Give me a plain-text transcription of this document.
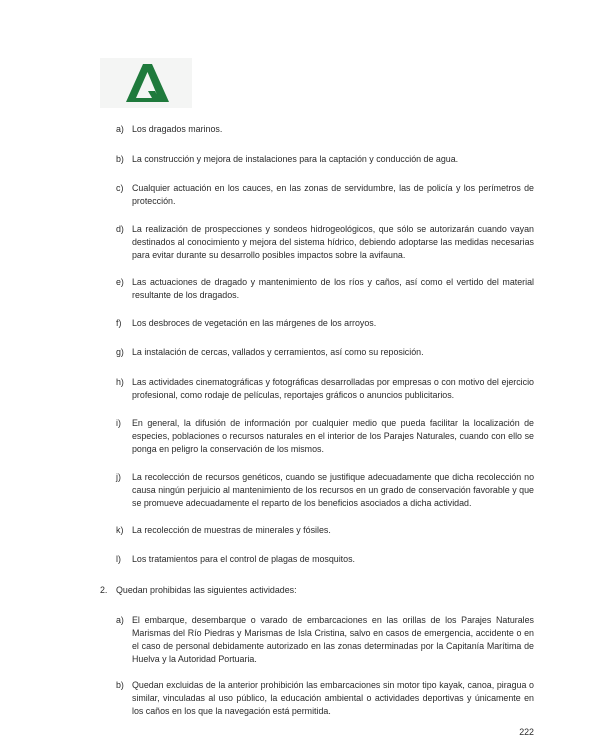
a) Los dragados marinos.
b) La construcción y mejora de instalaciones para la captación y conducción de agua.
c) Cualquier actuación en los cauces, en las zonas de servidumbre, las de policía y los perímetros de protección.
d) La realización de prospecciones y sondeos hidrogeológicos, que sólo se autorizarán cuando vayan destinados al conocimiento y mejora del sistema hídrico, debiendo adoptarse las medidas necesarias para evitar durante su desarrollo posibles impactos sobre la avifauna.
e) Las actuaciones de dragado y mantenimiento de los ríos y caños, así como el vertido del material resultante de los dragados.
f)	Los desbroces de vegetación en las márgenes de los arroyos.
g) La instalación de cercas, vallados y cerramientos, así como su reposición.
h) Las actividades cinematográficas y fotográficas desarrolladas por empresas o con motivo del ejercicio profesional, como rodaje de películas, reportajes gráficos o anuncios publicitarios.
i)	En general, la difusión de información por cualquier medio que pueda facilitar la localización de especies, poblaciones o recursos naturales en el interior de los Parajes Naturales, cuando con ello se ponga en peligro la conservación de los mismos.
j)	La recolección de recursos genéticos, cuando se justifique adecuadamente que dicha recolección no causa ningún perjuicio al mantenimiento de los recursos en un grado de conservación favorable y que se promueve adecuadamente el reparto de los beneficios asociados a dicha actividad.
k) La recolección de muestras de minerales y fósiles.
l)	Los tratamientos para el control de plagas de mosquitos.
2. Quedan prohibidas las siguientes actividades:
a) El embarque, desembarque o varado de embarcaciones en las orillas de los Parajes Naturales Marismas del Río Piedras y Marismas de Isla Cristina, salvo en casos de emergencia, accidente o en el caso de personal debidamente autorizado en las zonas determinadas por la Capitanía Marítima de Huelva y la Autoridad Portuaria.
b) Quedan excluidas de la anterior prohibición las embarcaciones sin motor tipo kayak, canoa, piragua o similar, vinculadas al uso público, la educación ambiental o actividades deportivas y únicamente en los caños en los que la navegación está permitida.
222
